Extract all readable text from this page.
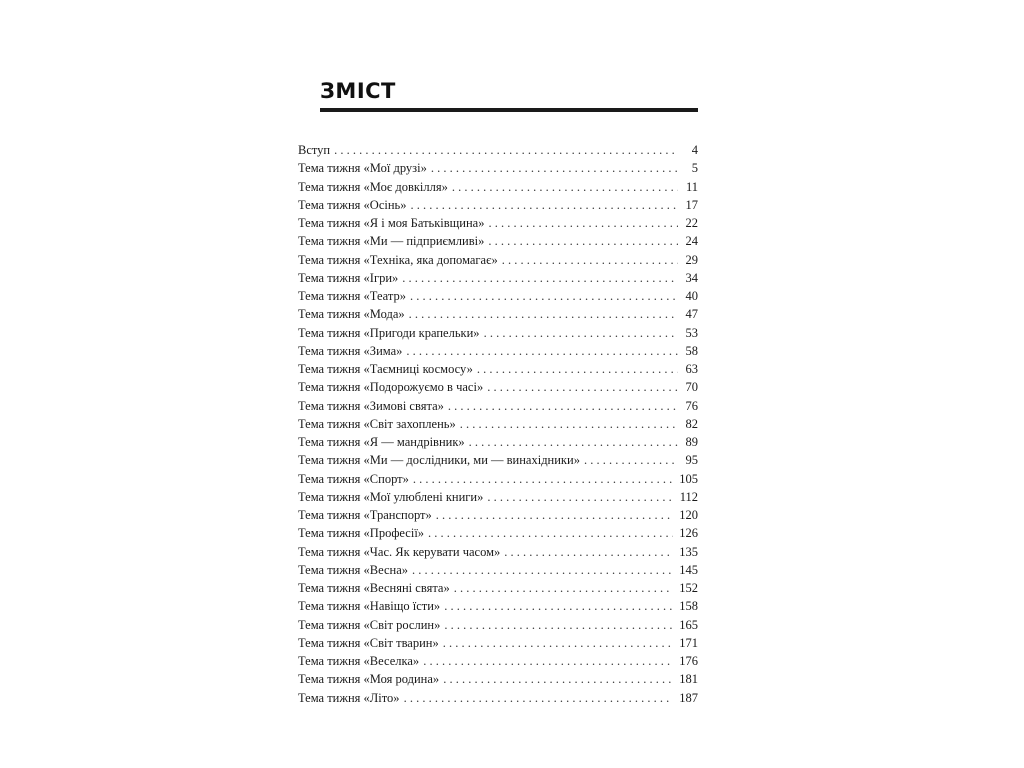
ЗМІСТ
Вступ . . .	4
Тема тижня «Мої друзі» . . .	5
Тема тижня «Моє довкілля» . . .	11
Тема тижня «Осінь» . . .	17
Тема тижня «Я і моя Батьківщина» . . .	22
Тема тижня «Ми — підприємливі» . . .	24
Тема тижня «Техніка, яка допомагає» . . .	29
Тема тижня «Ігри» . . .	34
Тема тижня «Театр» . . .	40
Тема тижня «Мода» . . .	47
Тема тижня «Пригоди крапельки» . . .	53
Тема тижня «Зима» . . .	58
Тема тижня «Таємниці космосу» . . .	63
Тема тижня «Подорожуємо в часі» . . .	70
Тема тижня «Зимові свята» . . .	76
Тема тижня «Світ захоплень» . . .	82
Тема тижня «Я — мандрівник» . . .	89
Тема тижня «Ми — дослідники, ми — винахідники» . . .	95
Тема тижня «Спорт» . . .	105
Тема тижня «Мої улюблені книги» . . .	112
Тема тижня «Транспорт» . . .	120
Тема тижня «Професії» . . .	126
Тема тижня «Час. Як керувати часом» . . .	135
Тема тижня «Весна» . . .	145
Тема тижня «Весняні свята» . . .	152
Тема тижня «Навіщо їсти» . . .	158
Тема тижня «Світ рослин» . . .	165
Тема тижня «Світ тварин» . . .	171
Тема тижня «Веселка» . . .	176
Тема тижня «Моя родина» . . .	181
Тема тижня «Літо» . . .	187
